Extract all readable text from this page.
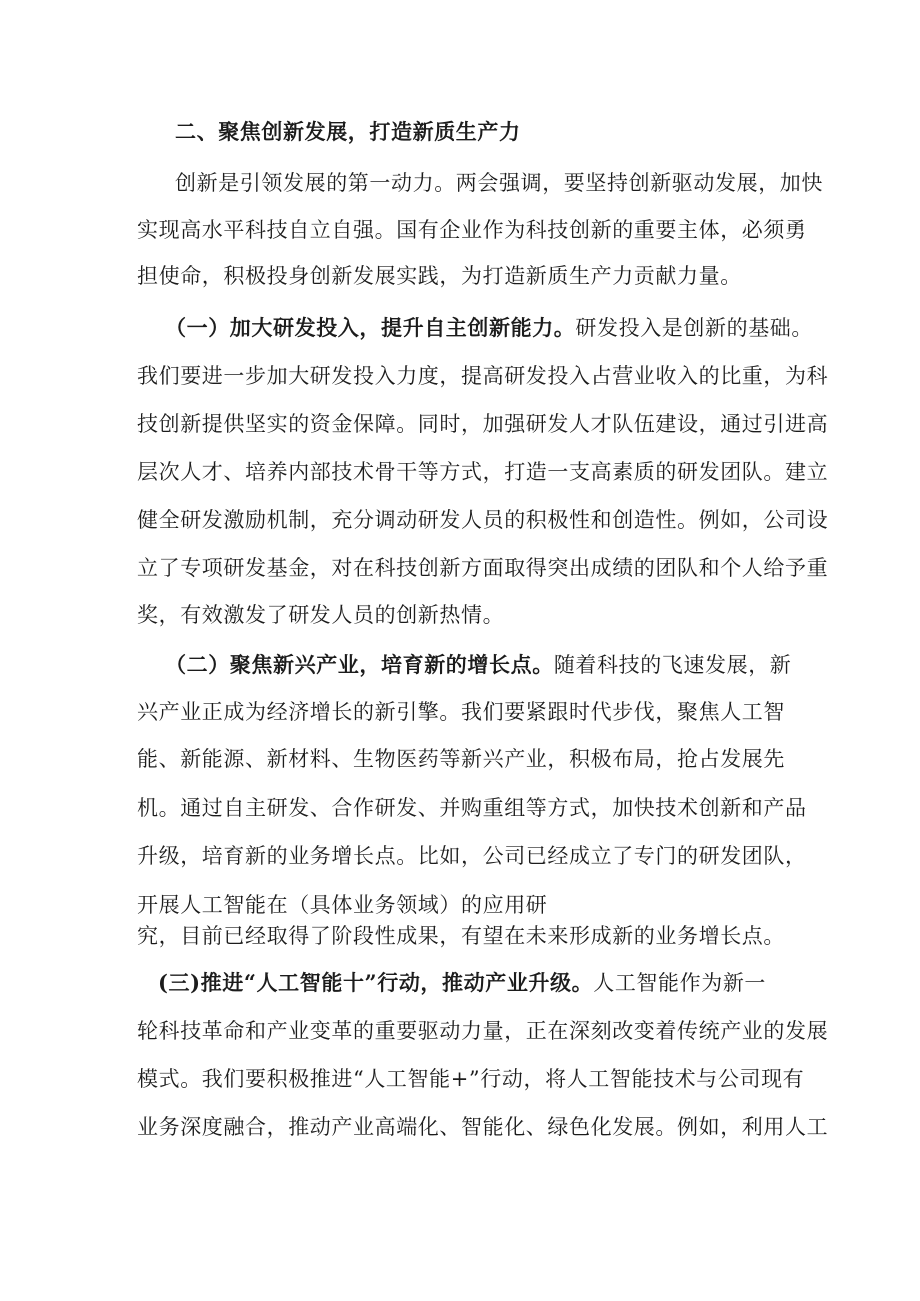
二、聚焦创新发展，打造新质生产力
创新是引领发展的第一动力。两会强调，要坚持创新驱动发展，加快
实现高水平科技自立自强。国有企业作为科技创新的重要主体，必须勇
担使命，积极投身创新发展实践，为打造新质生产力贡献力量。
（一）加大研发投入，提升自主创新能力。研发投入是创新的基础。
我们要进一步加大研发投入力度，提高研发投入占营业收入的比重，为科
技创新提供坚实的资金保障。同时，加强研发人才队伍建设，通过引进高
层次人才、培养内部技术骨干等方式，打造一支高素质的研发团队。建立
健全研发激励机制，充分调动研发人员的积极性和创造性。例如，公司设
立了专项研发基金，对在科技创新方面取得突出成绩的团队和个人给予重
奖，有效激发了研发人员的创新热情。
（二）聚焦新兴产业，培育新的增长点。随着科技的飞速发展，新
兴产业正成为经济增长的新引擎。我们要紧跟时代步伐，聚焦人工智
能、新能源、新材料、生物医药等新兴产业，积极布局，抢占发展先
机。通过自主研发、合作研发、并购重组等方式，加快技术创新和产品
升级，培育新的业务增长点。比如，公司已经成立了专门的研发团队，
开展人工智能在（具体业务领域）的应用研
究，目前已经取得了阶段性成果，有望在未来形成新的业务增长点。
(三)推进“人工智能十”行动，推动产业升级。人工智能作为新一
轮科技革命和产业变革的重要驱动力量，正在深刻改变着传统产业的发展
模式。我们要积极推进“人工智能+”行动，将人工智能技术与公司现有
业务深度融合，推动产业高端化、智能化、绿色化发展。例如，利用人工
